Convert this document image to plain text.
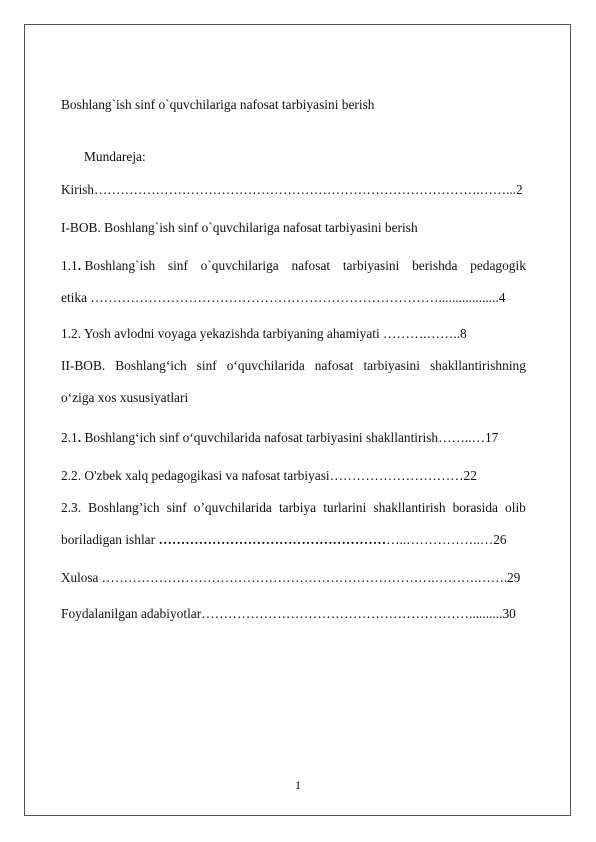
Boshlang`ish sinf o`quvchilariga nafosat tarbiyasini berish
Mundareja:
Kirish…………………………………………………………………………….……...2
I-BOB. Boshlang`ish sinf o`quvchilariga nafosat tarbiyasini berish
1.1. Boshlang`ish sinf o`quvchilariga nafosat tarbiyasini berishda pedagogik
etika ……………………………………………………………………..................4
1.2. Yosh avlodni voyaga yekazishda tarbiyaning ahamiyati ……….……..8
II-BOB. Boshlang‘ich sinf o‘quvchilarida nafosat tarbiyasini shakllantirishning
o‘ziga xos xususiyatlari
2.1. Boshlang‘ich sinf o‘quvchilarida nafosat tarbiyasini shakllantirish……..…17
2.2. O'zbek xalq pedagogikasi va nafosat tarbiyasi…………………………22
2.3. Boshlang’ich sinf o’quvchilarida tarbiya turlarini shakllantirish borasida olib
boriladigan ishlar ………………………………………………..……………..…26
Xulosa ………………………………………………………………….……….…….29
Foydalanilgan adabiyotlar……………………………………………………..........30
1
